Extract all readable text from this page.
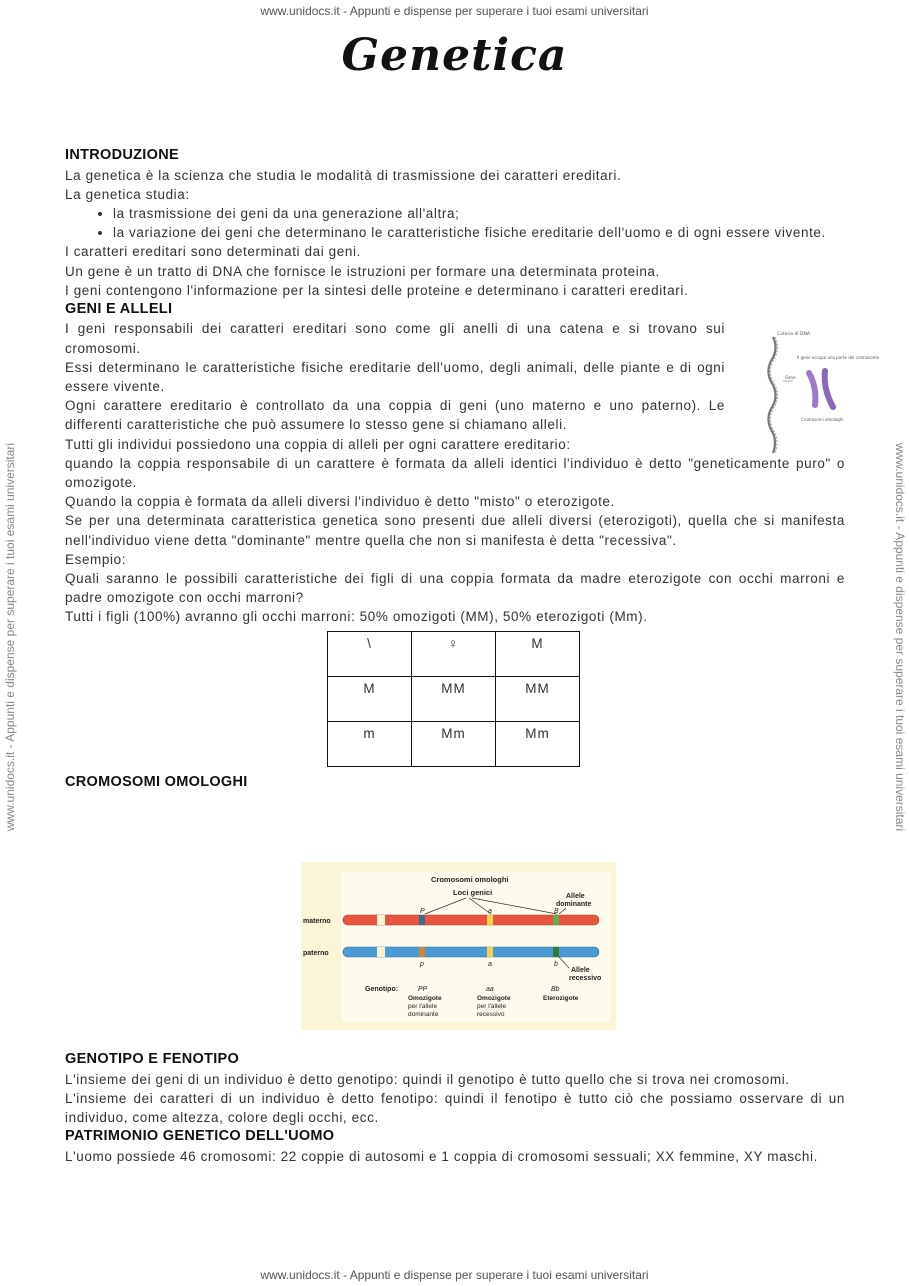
www.unidocs.it - Appunti e dispense per superare i tuoi esami universitari
www.unidocs.it - Appunti e dispense per superare i tuoi esami universitari
www.unidocs.it - Appunti e dispense per superare i tuoi esami universitari	www.unidocs.it - Appunti e dispense per superare i tuoi esami universitari
Genetica
INTRODUZIONE

La genetica è la scienza che studia le modalità di trasmissione dei caratteri ereditari.

La genetica studia:

• la trasmissione dei geni da una generazione all'altra;
• la variazione dei geni che determinano le caratteristiche fisiche ereditarie dell'uomo e di ogni essere vivente.

I caratteri ereditari sono determinati dai geni.

Un gene è un tratto di DNA che fornisce le istruzioni per formare una determinata proteina.

I geni contengono l'informazione per la sintesi delle proteine e determinano i caratteri ereditari.

GENI E ALLELI

I geni responsabili dei caratteri ereditari sono come gli anelli di una catena e si trovano sui cromosomi.

Essi determinano le caratteristiche fisiche ereditarie dell'uomo, degli animali, delle piante e di ogni essere vivente.

Ogni carattere ereditario è controllato da una coppia di geni (uno materno e uno paterno). Le differenti caratteristiche che può assumere lo stesso gene si chiamano alleli.

Catena di DNA
Il gene occupa una parte del cromosoma
Gene
Cromosomi omologhi

Tutti gli individui possiedono una coppia di alleli per ogni carattere ereditario:

quando la coppia responsabile di un carattere è formata da alleli identici l'individuo è detto "geneticamente puro" o omozigote.

Quando la coppia è formata da alleli diversi l'individuo è detto "misto" o eterozigote.

Se per una determinata caratteristica genetica sono presenti due alleli diversi (eterozigoti), quella che si manifesta nell'individuo viene detta "dominante" mentre quella che non si manifesta è detta "recessiva".

Esempio:

Quali saranno le possibili caratteristiche dei figli di una coppia formata da madre eterozigote con occhi marroni e padre omozigote con occhi marroni?

Tutti i figli (100%) avranno gli occhi marroni: 50% omozigoti (MM), 50% eterozigoti (Mm).

\	♀	M
M	MM	MM
m	Mm	Mm
CROMOSOMI OMOLOGHI
Cromosomi omologhi
Loci genici	Allele
dominante
materno
paterno
P	a	B
p	a	b
Allele
recessivo
Genotipo:	PP	aa	Bb
Omozigote
per l'allele
dominante
Omozigote
per l'allele
recessivo
Eterozigote
GENOTIPO E FENOTIPO

L'insieme dei geni di un individuo è detto genotipo: quindi il genotipo è tutto quello che si trova nei cromosomi.

L'insieme dei caratteri di un individuo è detto fenotipo: quindi il fenotipo è tutto ciò che possiamo osservare di un individuo, come altezza, colore degli occhi, ecc.

PATRIMONIO GENETICO DELL'UOMO

L'uomo possiede 46 cromosomi: 22 coppie di autosomi e 1 coppia di cromosomi sessuali; XX femmine, XY maschi.
